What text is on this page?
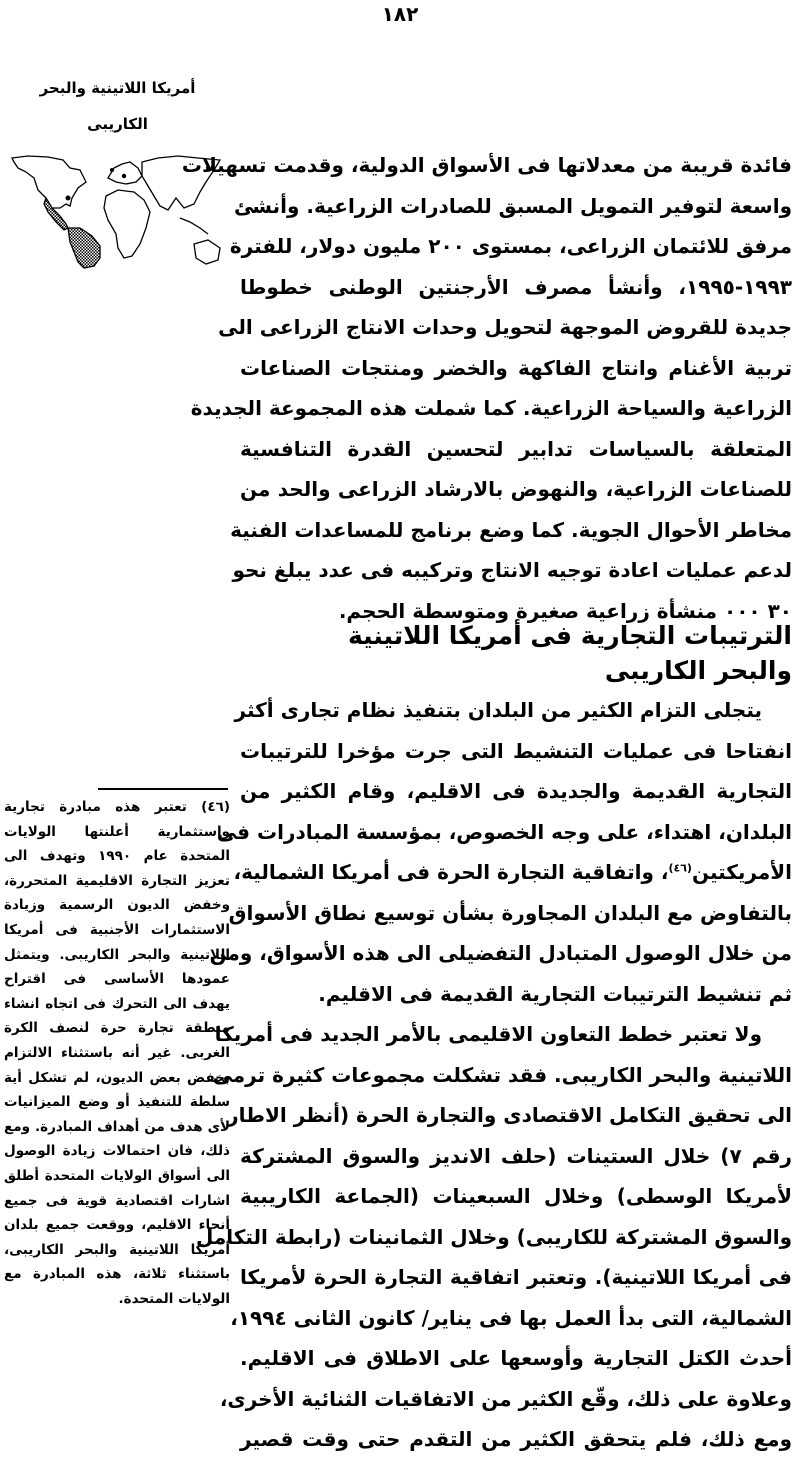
١٨٢
أمريكا اللاتينية والبحر
الكاريبى
فائدة قريبة من معدلاتها فى الأسواق الدولية، وقدمت تسهيلات
واسعة لتوفير التمويل المسبق للصادرات الزراعية. وأنشئ
مرفق للائتمان الزراعى، بمستوى ٢٠٠ مليون دولار، للفترة
١٩٩٣-١٩٩٥، وأنشأ مصرف الأرجنتين الوطنى خطوطا
جديدة للقروض الموجهة لتحويل وحدات الانتاج الزراعى الى
تربية الأغنام وانتاج الفاكهة والخضر ومنتجات الصناعات
الزراعية والسياحة الزراعية. كما شملت هذه المجموعة الجديدة
المتعلقة بالسياسات تدابير لتحسين القدرة التنافسية
للصناعات الزراعية، والنهوض بالارشاد الزراعى والحد من
مخاطر الأحوال الجوية. كما وضع برنامج للمساعدات الفنية
لدعم عمليات اعادة توجيه الانتاج وتركيبه فى عدد يبلغ نحو
٣٠ ٠٠٠ منشأة زراعية صغيرة ومتوسطة الحجم.
الترتيبات التجارية فى أمريكا اللاتينية
والبحر الكاريبى
يتجلى التزام الكثير من البلدان بتنفيذ نظام تجارى أكثر
انفتاحا فى عمليات التنشيط التى جرت مؤخرا للترتيبات
التجارية القديمة والجديدة فى الاقليم، وقام الكثير من
البلدان، اهتداء، على وجه الخصوص، بمؤسسة المبادرات فى
الأمريكتين$^{(٤٦)}$، واتفاقية التجارة الحرة فى أمريكا الشمالية،
بالتفاوض مع البلدان المجاورة بشأن توسيع نطاق الأسواق
من خلال الوصول المتبادل التفضيلى الى هذه الأسواق، ومن
ثم تنشيط الترتيبات التجارية القديمة فى الاقليم.
ولا تعتبر خطط التعاون الاقليمى بالأمر الجديد فى أمريكا
اللاتينية والبحر الكاريبى. فقد تشكلت مجموعات كثيرة ترمى
الى تحقيق التكامل الاقتصادى والتجارة الحرة (أنظر الاطار
رقم ٧) خلال الستينات (حلف الانديز والسوق المشتركة
لأمريكا الوسطى) وخلال السبعينات (الجماعة الكاريبية
والسوق المشتركة للكاريبى) وخلال الثمانينات (رابطة التكامل
فى أمريكا اللاتينية). وتعتبر اتفاقية التجارة الحرة لأمريكا
الشمالية، التى بدأ العمل بها فى يناير/ كانون الثانى ١٩٩٤،
أحدث الكتل التجارية وأوسعها على الاطلاق فى الاقليم.
وعلاوة على ذلك، وقّع الكثير من الاتفاقيات الثنائية الأخرى،
ومع ذلك، فلم يتحقق الكثير من التقدم حتى وقت قصير
(٤٦) تعتبر هذه مبادرة تجارية
واستثمارية أعلنتها الولايات
المتحدة عام ١٩٩٠ وتهدف الى
تعزيز التجارة الاقليمية المتحررة،
وخفض الديون الرسمية وزيادة
الاستثمارات الأجنبية فى أمريكا
اللاتينية والبحر الكاريبى. ويتمثل
عمودها الأساسى فى اقتراح
يهدف الى التحرك فى اتجاه انشاء
منطقة تجارة حرة لنصف الكرة
الغربى. غير أنه باستثناء الالتزام
بخفض بعض الديون، لم تشكل أية
سلطة للتنفيذ أو وضع الميزانيات
لأى هدف من أهداف المبادرة. ومع
ذلك، فان احتمالات زيادة الوصول
الى أسواق الولايات المتحدة أطلق
اشارات اقتصادية قوية فى جميع
أنحاء الاقليم، ووقعت جميع بلدان
أمريكا اللاتينية والبحر الكاريبى،
باستثناء ثلاثة، هذه المبادرة مع
الولايات المتحدة.
